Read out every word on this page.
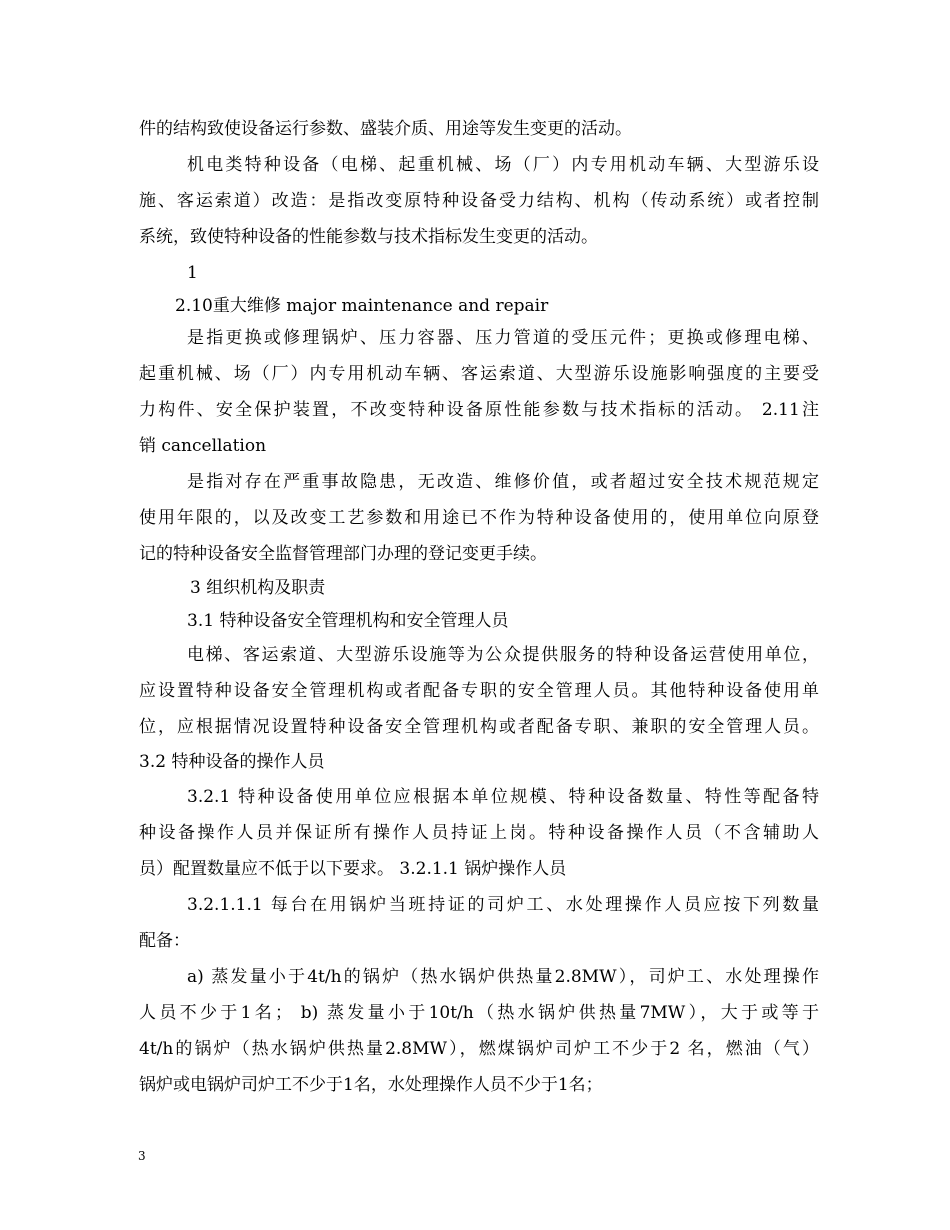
件的结构致使设备运行参数、盛装介质、用途等发生变更的活动。
机电类特种设备（电梯、起重机械、场（厂）内专用机动车辆、大型游乐设
施、客运索道）改造：是指改变原特种设备受力结构、机构（传动系统）或者控制
系统，致使特种设备的性能参数与技术指标发生变更的活动。
1
2.10重大维修 major maintenance and repair
是指更换或修理锅炉、压力容器、压力管道的受压元件；更换或修理电梯、
起重机械、场（厂）内专用机动车辆、客运索道、大型游乐设施影响强度的主要受
力构件、安全保护装置，不改变特种设备原性能参数与技术指标的活动。 2.11注
销 cancellation
是指对存在严重事故隐患，无改造、维修价值，或者超过安全技术规范规定
使用年限的，以及改变工艺参数和用途已不作为特种设备使用的，使用单位向原登
记的特种设备安全监督管理部门办理的登记变更手续。
3 组织机构及职责
3.1 特种设备安全管理机构和安全管理人员
电梯、客运索道、大型游乐设施等为公众提供服务的特种设备运营使用单位，
应设置特种设备安全管理机构或者配备专职的安全管理人员。其他特种设备使用单
位，应根据情况设置特种设备安全管理机构或者配备专职、兼职的安全管理人员。
3.2 特种设备的操作人员
3.2.1 特种设备使用单位应根据本单位规模、特种设备数量、特性等配备特
种设备操作人员并保证所有操作人员持证上岗。特种设备操作人员（不含辅助人
员）配置数量应不低于以下要求。 3.2.1.1 锅炉操作人员
3.2.1.1.1 每台在用锅炉当班持证的司炉工、水处理操作人员应按下列数量
配备：
a) 蒸发量小于4t/h的锅炉（热水锅炉供热量2.8MW），司炉工、水处理操作
人员不少于1名； b) 蒸发量小于10t/h（热水锅炉供热量7MW），大于或等于
4t/h的锅炉（热水锅炉供热量2.8MW），燃煤锅炉司炉工不少于2 名，燃油（气）
锅炉或电锅炉司炉工不少于1名，水处理操作人员不少于1名；
3
